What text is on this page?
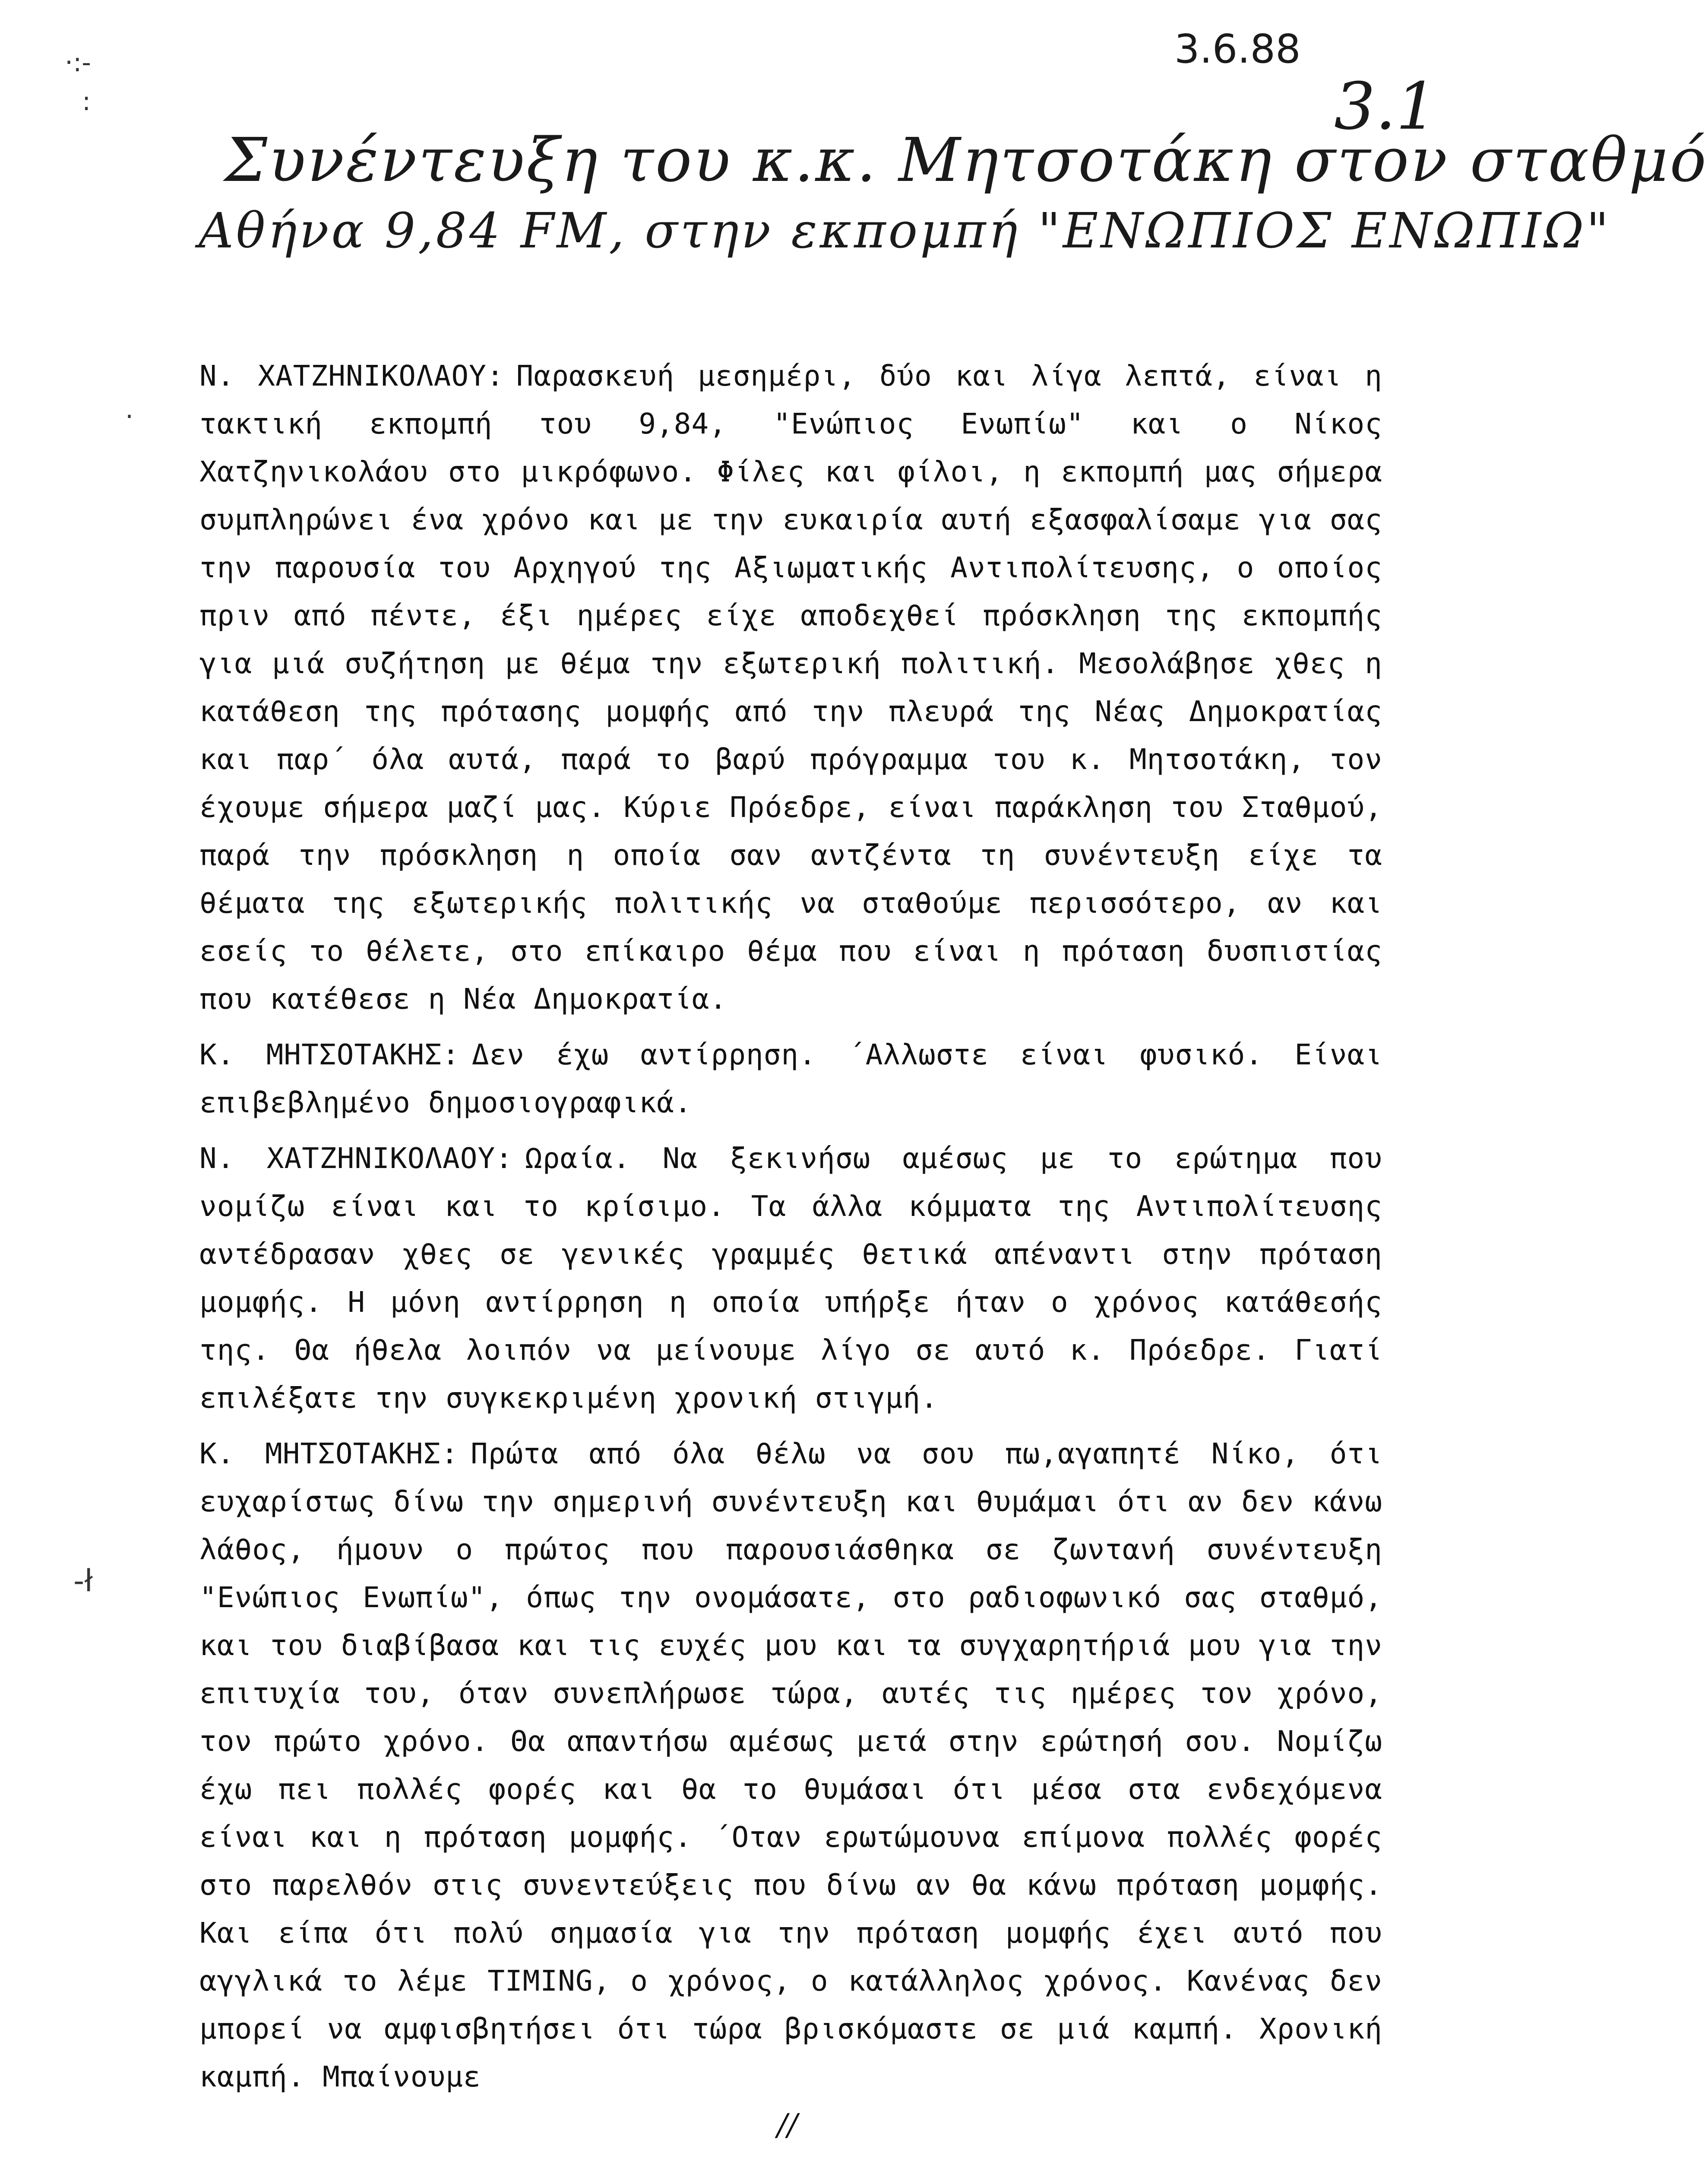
·:‑
:
·
‑ł
3.6.88
3.1
Συνέντευξη του κ.κ. Μητσοτάκη στον σταθμό
Αθήνα 9,84 FM, στην εκπομπή "ΕΝΩΠΙΟΣ ΕΝΩΠΙΩ"

Ν. ΧΑΤΖΗΝΙΚΟΛΑΟΥ: Παρασκευή μεσημέρι, δύο και λίγα λεπτά, είναι η τακτική εκπομπή του 9,84, "Ενώπιος Ενωπίω" και ο Νίκος Χατζηνικολάου στο μικρόφωνο. Φίλες και φίλοι, η εκπομπή μας σήμερα συμπληρώνει ένα χρόνο και με την ευκαιρία αυτή εξασφαλίσαμε για σας την παρουσία του Αρχηγού της Αξιωματικής Αντιπολίτευσης, ο οποίος πριν από πέντε, έξι ημέρες είχε αποδεχθεί πρόσκληση της εκπομπής για μιά συζήτηση με θέμα την εξωτερική πολιτική. Μεσολάβησε χθες η κατάθεση της πρότασης μομφής από την πλευρά της Νέας Δημοκρατίας και παρ΄ όλα αυτά, παρά το βαρύ πρόγραμμα του κ. Μητσοτάκη, τον έχουμε σήμερα μαζί μας. Κύριε Πρόεδρε, είναι παράκληση του Σταθμού, παρά την πρόσκληση η οποία σαν αντζέντα τη συνέντευξη είχε τα θέματα της εξωτερικής πολιτικής να σταθούμε περισσότερο, αν και εσείς το θέλετε, στο επίκαιρο θέμα που είναι η πρόταση δυσπιστίας που κατέθεσε η Νέα Δημοκρατία.

Κ. ΜΗΤΣΟΤΑΚΗΣ: Δεν έχω αντίρρηση. ΄Αλλωστε είναι φυσικό. Είναι επιβεβλημένο δημοσιογραφικά.

Ν. ΧΑΤΖΗΝΙΚΟΛΑΟΥ: Ωραία. Να ξεκινήσω αμέσως με το ερώτημα που νομίζω είναι και το κρίσιμο. Τα άλλα κόμματα της Αντιπολίτευσης αντέδρασαν χθες σε γενικές γραμμές θετικά απέναντι στην πρόταση μομφής. Η μόνη αντίρρηση η οποία υπήρξε ήταν ο χρόνος κατάθεσής της. Θα ήθελα λοιπόν να μείνουμε λίγο σε αυτό κ. Πρόεδρε. Γιατί επιλέξατε την συγκεκριμένη χρονική στιγμή.

Κ. ΜΗΤΣΟΤΑΚΗΣ: Πρώτα από όλα θέλω να σου πω,αγαπητέ Νίκο, ότι ευχαρίστως δίνω την σημερινή συνέντευξη και θυμάμαι ότι αν δεν κάνω λάθος, ήμουν ο πρώτος που παρουσιάσθηκα σε ζωντανή συνέντευξη "Ενώπιος Ενωπίω", όπως την ονομάσατε, στο ραδιοφωνικό σας σταθμό, και του διαβίβασα και τις ευχές μου και τα συγχαρητήριά μου για την επιτυχία του, όταν συνεπλήρωσε τώρα, αυτές τις ημέρες τον χρόνο, τον πρώτο χρόνο. Θα απαντήσω αμέσως μετά στην ερώτησή σου. Νομίζω έχω πει πολλές φορές και θα το θυμάσαι ότι μέσα στα ενδεχόμενα είναι και η πρόταση μομφής. ΄Οταν ερωτώμουνα επίμονα πολλές φορές στο παρελθόν στις συνεντεύξεις που δίνω αν θα κάνω πρόταση μομφής. Και είπα ότι πολύ σημασία για την πρόταση μομφής έχει αυτό που αγγλικά το λέμε TIMING, ο χρόνος, ο κατάλληλος χρόνος. Κανένας δεν μπορεί να αμφισβητήσει ότι τώρα βρισκόμαστε σε μιά καμπή. Χρονική καμπή. Μπαίνουμε

//
